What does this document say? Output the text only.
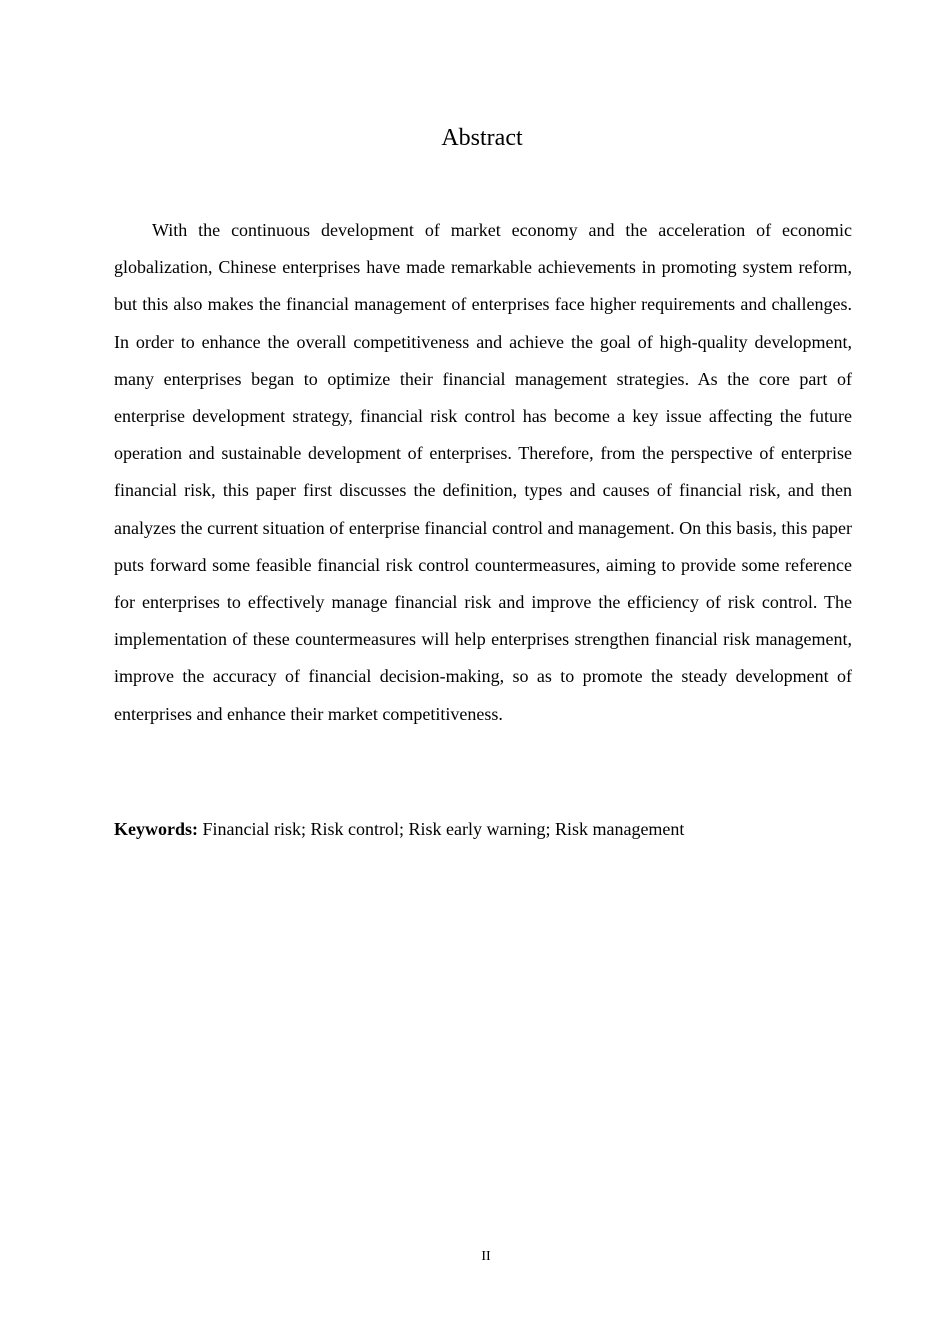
Abstract

With the continuous development of market economy and the acceleration of economic globalization, Chinese enterprises have made remarkable achievements in promoting system reform, but this also makes the financial management of enterprises face higher requirements and challenges. In order to enhance the overall competitiveness and achieve the goal of high-quality development, many enterprises began to optimize their financial management strategies. As the core part of enterprise development strategy, financial risk control has become a key issue affecting the future operation and sustainable development of enterprises. Therefore, from the perspective of enterprise financial risk, this paper first discusses the definition, types and causes of financial risk, and then analyzes the current situation of enterprise financial control and management. On this basis, this paper puts forward some feasible financial risk control countermeasures, aiming to provide some reference for enterprises to effectively manage financial risk and improve the efficiency of risk control. The implementation of these countermeasures will help enterprises strengthen financial risk management, improve the accuracy of financial decision-making, so as to promote the steady development of enterprises and enhance their market competitiveness.

Keywords: Financial risk; Risk control; Risk early warning; Risk management

II
